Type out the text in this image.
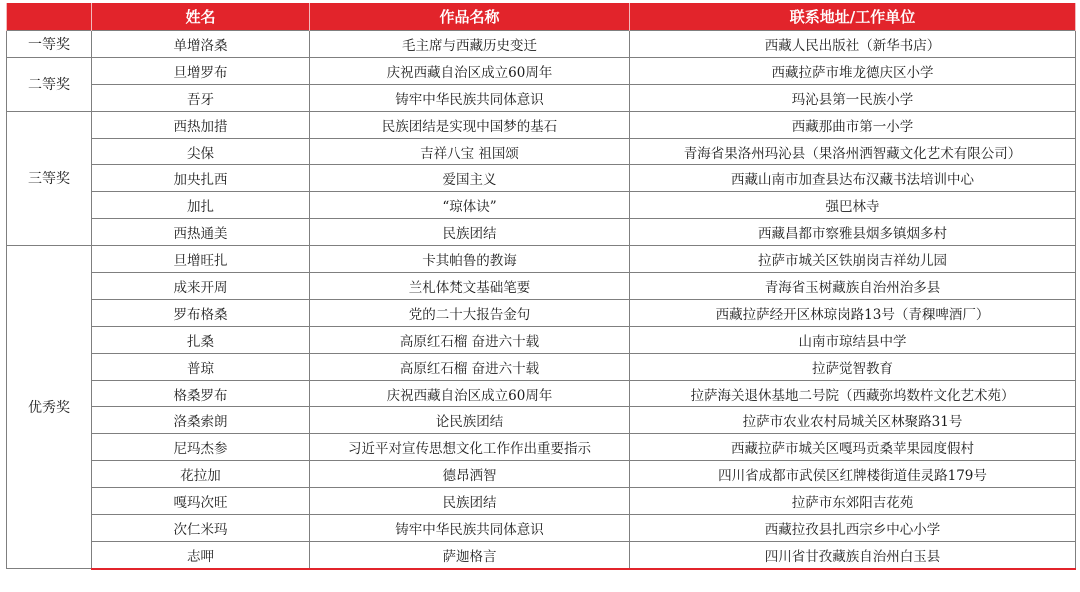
	姓名	作品名称	联系地址/工作单位
一等奖	单增洛桑	毛主席与西藏历史变迁	西藏人民出版社（新华书店）
二等奖	旦增罗布	庆祝西藏自治区成立60周年	西藏拉萨市堆龙德庆区小学
	吾牙	铸牢中华民族共同体意识	玛沁县第一民族小学
三等奖	西热加措	民族团结是实现中国梦的基石	西藏那曲市第一小学
	尖保	吉祥八宝 祖国颂	青海省果洛州玛沁县（果洛州洒智藏文化艺术有限公司）
	加央扎西	爱国主义	西藏山南市加查县达布汉藏书法培训中心
	加扎	“琼体诀”	强巴林寺
	西热通美	民族团结	西藏昌都市察雅县烟多镇烟多村
优秀奖	旦增旺扎	卡其帕鲁的教诲	拉萨市城关区铁崩岗吉祥幼儿园
	成来开周	兰札体梵文基础笔要	青海省玉树藏族自治州治多县
	罗布格桑	党的二十大报告金句	西藏拉萨经开区林琼岗路13号（青稞啤酒厂）
	扎桑	高原红石榴 奋进六十载	山南市琼结县中学
	普琼	高原红石榴 奋进六十载	拉萨觉智教育
	格桑罗布	庆祝西藏自治区成立60周年	拉萨海关退休基地二号院（西藏弥坞数杵文化艺术苑）
	洛桑索朗	论民族团结	拉萨市农业农村局城关区林聚路31号
	尼玛杰参	习近平对宣传思想文化工作作出重要指示	西藏拉萨市城关区嘎玛贡桑苹果园度假村
	花拉加	德昂洒智	四川省成都市武侯区红牌楼街道佳灵路179号
	嘎玛次旺	民族团结	拉萨市东郊阳吉花苑
	次仁米玛	铸牢中华民族共同体意识	西藏拉孜县扎西宗乡中心小学
	志呷	萨迦格言	四川省甘孜藏族自治州白玉县
